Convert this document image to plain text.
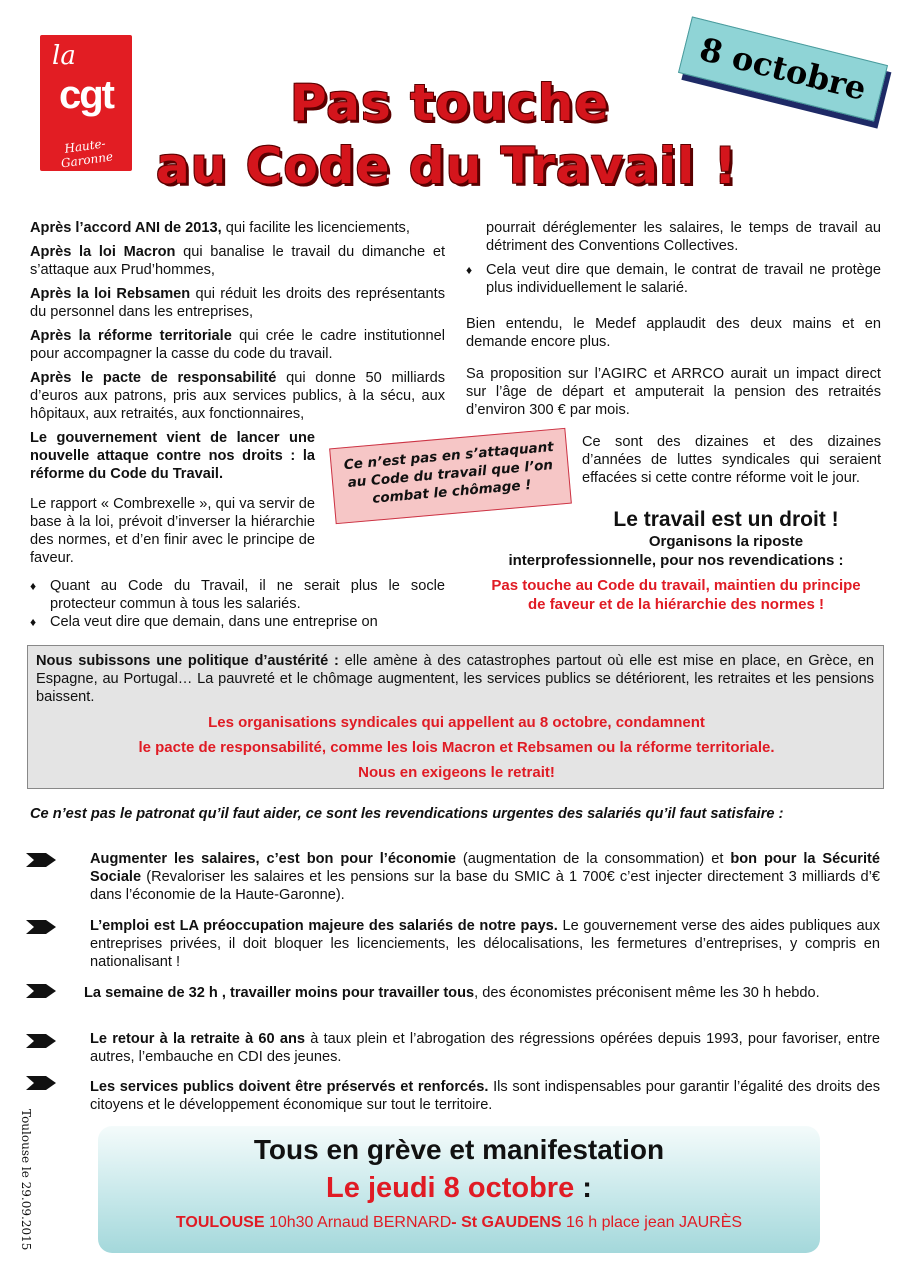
la
cgt
Haute-Garonne
Pas touche
au Code du Travail !
8 octobre

Après l’accord ANI de 2013, qui facilite les licenciements,

Après la loi Macron qui banalise le travail du dimanche et s’attaque aux Prud’hommes,

Après la loi Rebsamen qui réduit les droits des représentants du personnel dans les entreprises,

Après la réforme territoriale qui crée le cadre institutionnel pour accompagner la casse du code du travail.

Après le pacte de responsabilité qui donne 50 milliards d’euros aux patrons, pris aux services publics, à la sécu, aux hôpitaux, aux retraités, aux fonctionnaires,

Le gouvernement vient de lancer une nouvelle attaque contre nos droits : la réforme du Code du Travail.

Le rapport « Combrexelle », qui va servir de base à la loi, prévoit d’inverser la hiérarchie des normes, et d’en finir avec le principe de faveur.

♦ Quant au Code du Travail, il ne serait plus le socle protecteur commun à tous les salariés.

♦ Cela veut dire que demain, dans une entreprise on

pourrait déréglementer les salaires, le temps de travail au détriment des Conventions Collectives.

♦ Cela veut dire que demain, le contrat de travail ne protège plus individuellement le salarié.

Bien entendu, le Medef applaudit des deux mains et en demande encore plus.

Sa proposition sur l’AGIRC et ARRCO aurait un impact direct sur l’âge de départ et amputerait la pension des retraités d’environ 300 € par mois.

Ce sont des dizaines et des dizaines d’années de luttes syndicales qui seraient effacées si cette contre réforme voit le jour.

Ce n’est pas en s’attaquant au Code du travail que l’on combat le chômage !
Le travail est un droit !
Organisons la riposte
interprofessionnelle, pour nos revendications :
Pas touche au Code du travail, maintien du principe
de faveur et de la hiérarchie des normes !
Nous subissons une politique d’austérité : elle amène à des catastrophes partout où elle est mise en place, en Grèce, en Espagne, au Portugal… La pauvreté et le chômage augmentent, les services publics se détériorent, les retraites et les pensions baissent.
Les organisations syndicales qui appellent au 8 octobre, condamnent
le pacte de responsabilité, comme les lois Macron et Rebsamen ou la réforme territoriale.
Nous en exigeons le retrait!
Ce n’est pas le patronat qu’il faut aider, ce sont les revendications urgentes des salariés qu’il faut satisfaire :
Augmenter les salaires, c’est bon pour l’économie (augmentation de la consommation) et bon pour la Sécurité Sociale (Revaloriser les salaires et les pensions sur la base du SMIC à 1 700€ c’est injecter directement 3 milliards d’€ dans l’économie de la Haute-Garonne).
L’emploi est LA préoccupation majeure des salariés de notre pays. Le gouvernement verse des aides publiques aux entreprises privées, il doit bloquer les licenciements, les délocalisations, les fermetures d’entreprises, y compris en nationalisant !
La semaine de 32 h , travailler moins pour travailler tous, des économistes préconisent même les 30 h hebdo.
Le retour à la retraite à 60 ans à taux plein et l’abrogation des régressions opérées depuis 1993, pour favoriser, entre autres, l’embauche en CDI des jeunes.
Les services publics doivent être préservés et renforcés. Ils sont indispensables pour garantir l’égalité des droits des citoyens et le développement économique sur tout le territoire.
Toulouse le 29.09.2015	Tous en grève et manifestation
Le jeudi 8 octobre :
TOULOUSE 10h30 Arnaud BERNARD- St GAUDENS 16 h place jean JAURÈS
